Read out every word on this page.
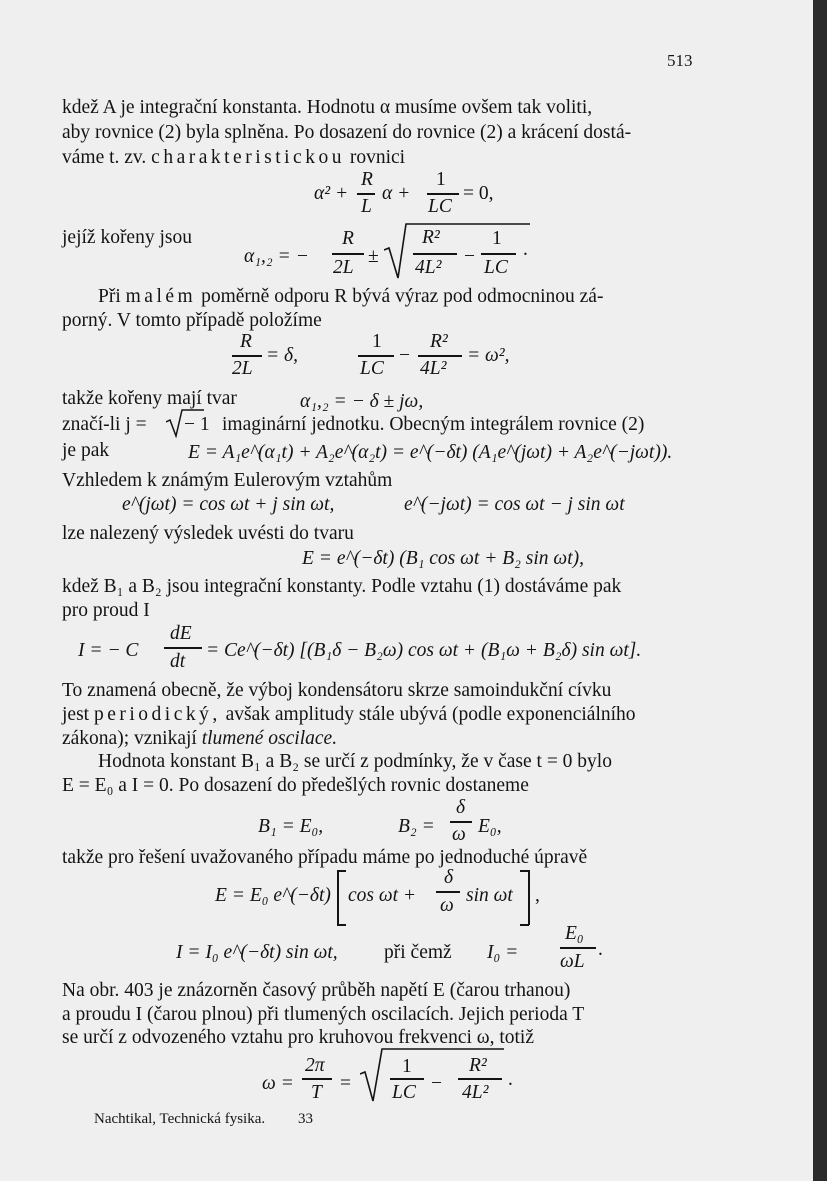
513
kdež A je integrační konstanta. Hodnotu α musíme ovšem tak voliti,
aby rovnice (2) byla splněna. Po dosazení do rovnice (2) a krácení dostá-
váme t. zv. charakteristickou rovnici
α² +
R
L
α +
1
LC
= 0,
jejíž kořeny jsou
α₁,₂ = −
R
2L
±
R²
4L²
−
1
LC
.
Při malém poměrně odporu R bývá výraz pod odmocninou zá-
porný. V tomto případě položíme
R
2L
= δ,
1
LC
−
R²
4L²
= ω²,
takže kořeny mají tvar	α₁,₂ = − δ ± jω,
značí-li j = − 1 imaginární jednotku. Obecným integrálem rovnice (2)
je pak	E = A₁e^(α₁t) + A₂e^(α₂t) = e^(−δt) (A₁e^(jωt) + A₂e^(−jωt)).
Vzhledem k známým Eulerovým vztahům
e^(jωt) = cos ωt + j sin ωt,	e^(−jωt) = cos ωt − j sin ωt
lze nalezený výsledek uvésti do tvaru
E = e^(−δt) (B₁ cos ωt + B₂ sin ωt),
kdež B₁ a B₂ jsou integrační konstanty. Podle vztahu (1) dostáváme pak
pro proud I
I = − C
dE
dt
= Ce^(−δt) [(B₁δ − B₂ω) cos ωt + (B₁ω + B₂δ) sin ωt].
To znamená obecně, že výboj kondensátoru skrze samoindukční cívku
jest periodický, avšak amplitudy stále ubývá (podle exponenciálního
zákona); vznikají tlumené oscilace.
Hodnota konstant B₁ a B₂ se určí z podmínky, že v čase t = 0 bylo
E = E₀ a I = 0. Po dosazení do předešlých rovnic dostaneme
B₁ = E₀,	B₂ =
δ
ω E₀,
takže pro řešení uvažovaného případu máme po jednoduché úpravě
E = E₀ e^(−δt) cos ωt +
δ
ω sin ωt ,
I = I₀ e^(−δt) sin ωt, při čemž I₀ =
E₀
ωL
.
Na obr. 403 je znázorněn časový průběh napětí E (čarou trhanou)
a proudu I (čarou plnou) při tlumených oscilacích. Jejich perioda T
se určí z odvozeného vztahu pro kruhovou frekvenci ω, totiž
ω =
2π
T =
1
LC −
R²
4L²
.
Nachtikal, Technická fysika. 33
